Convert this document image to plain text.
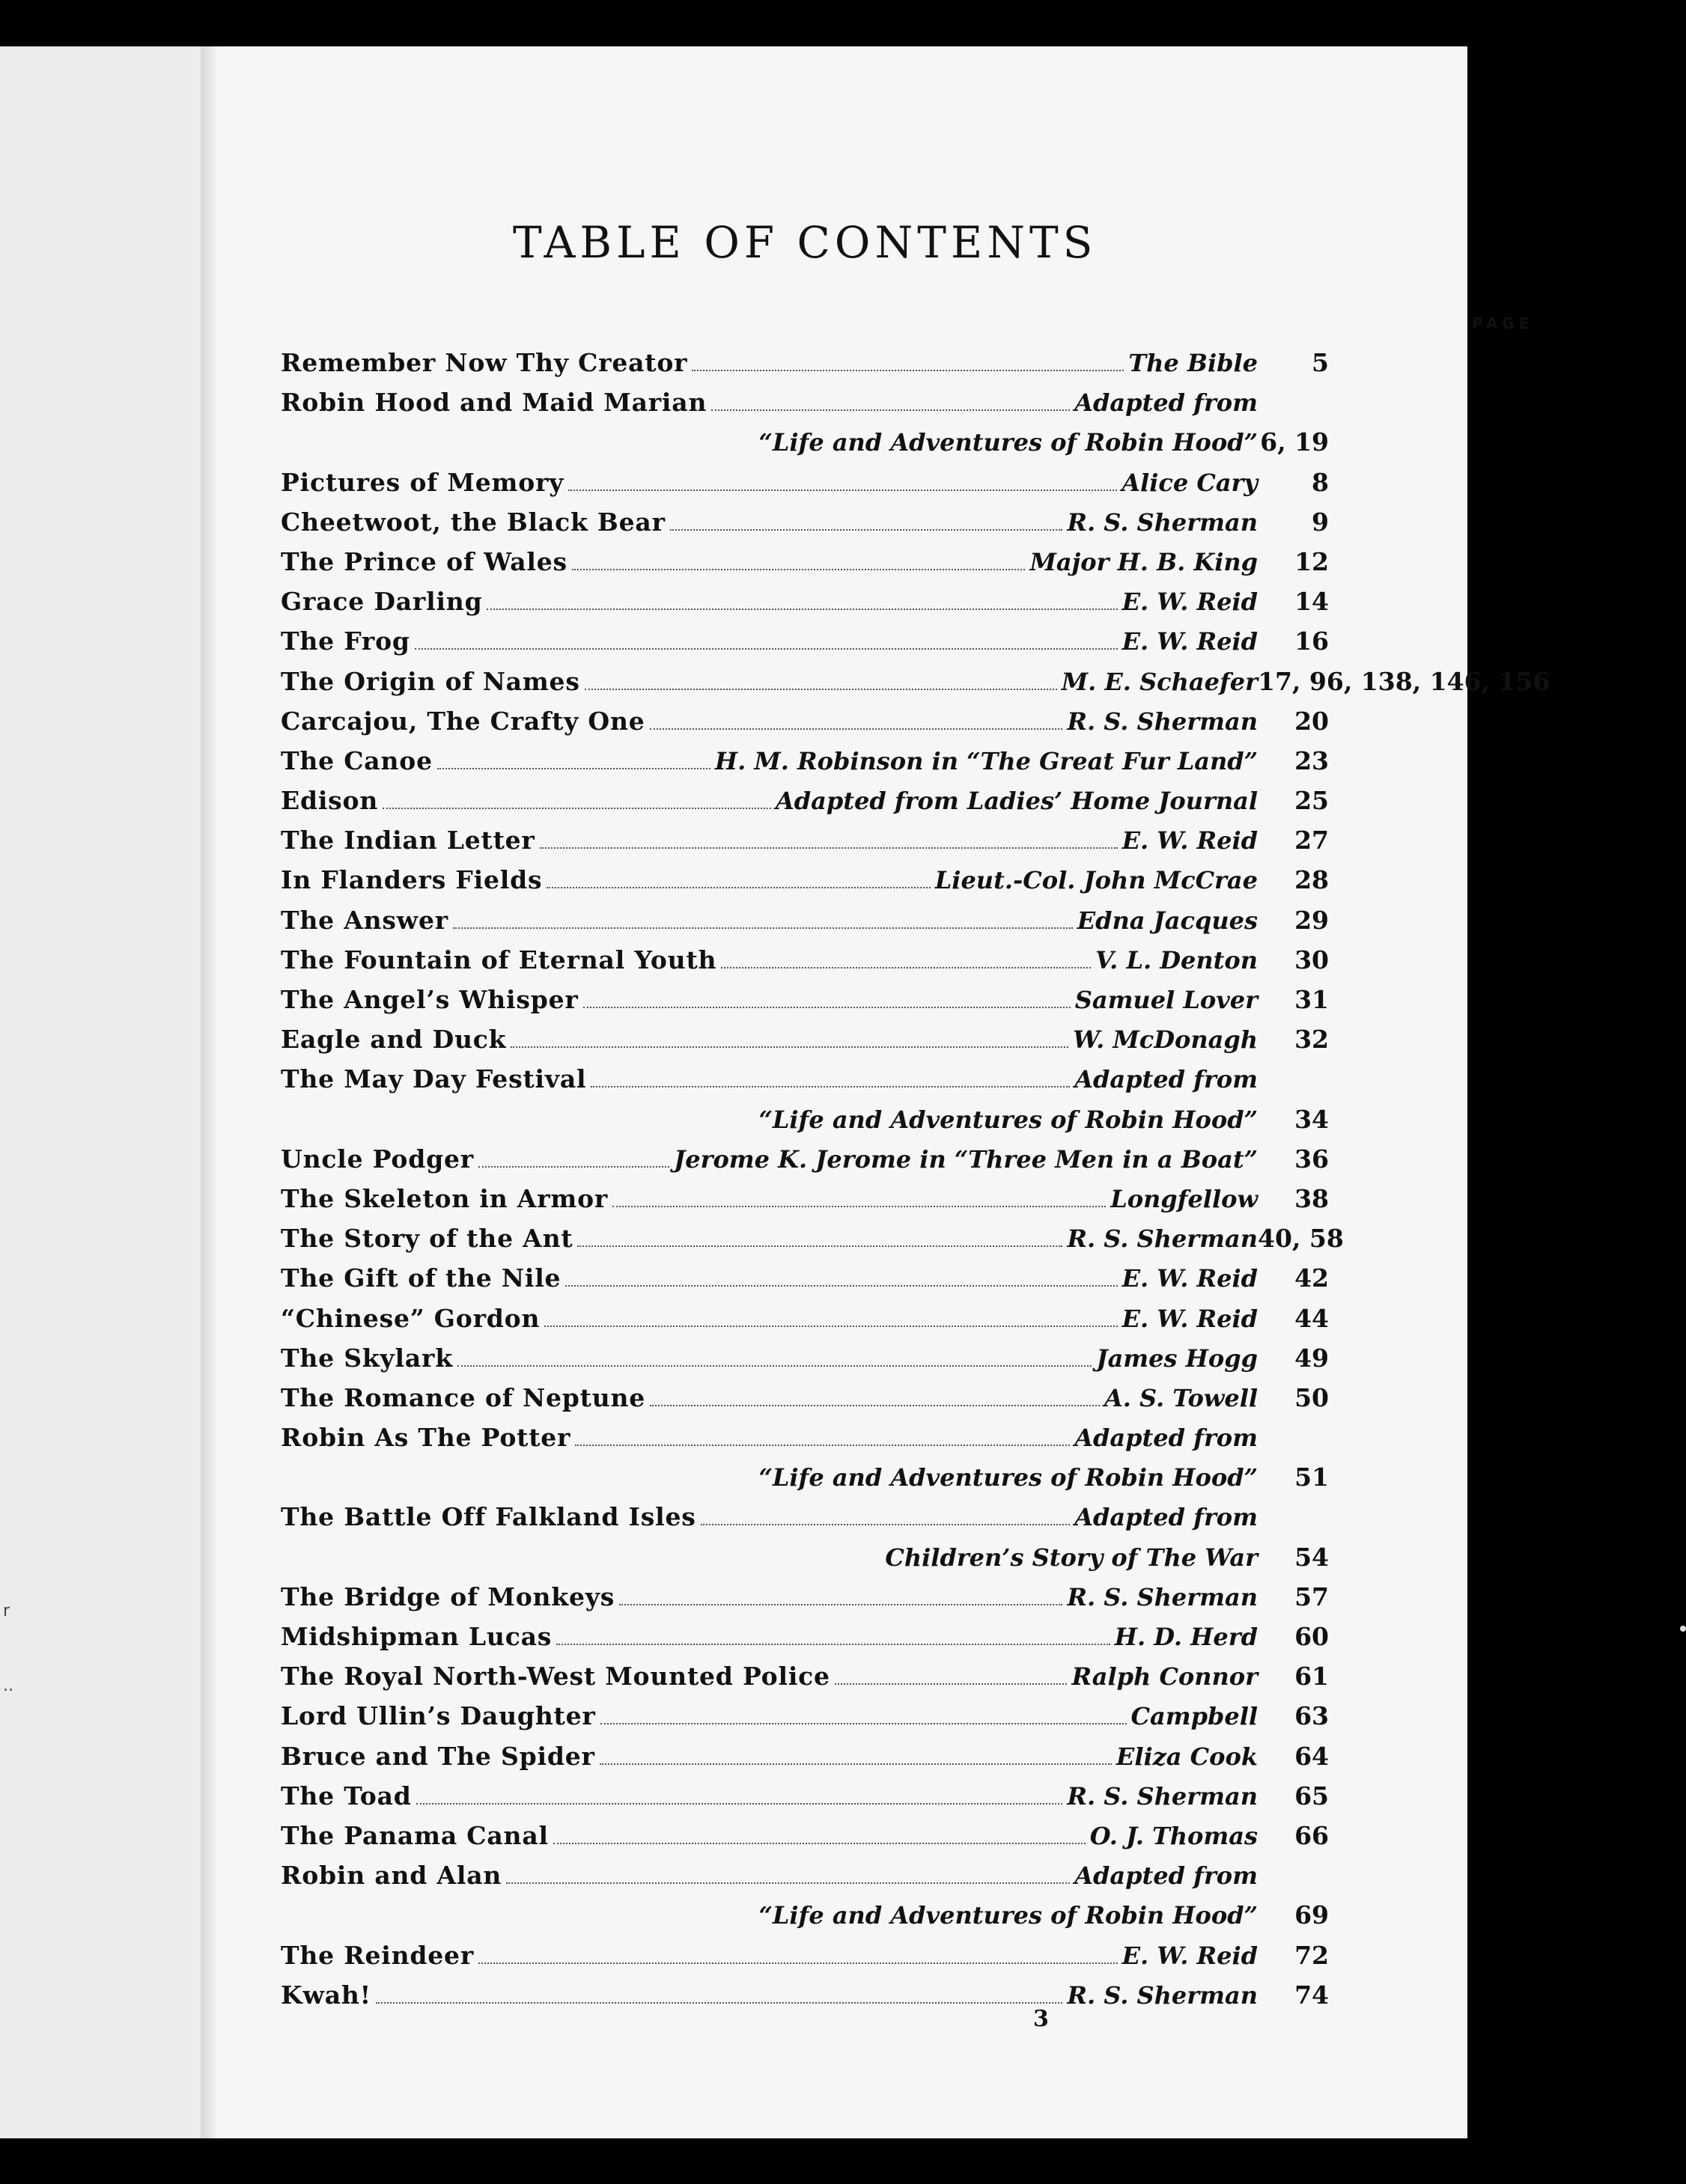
r
..
TABLE OF CONTENTS
PAGE
Remember Now Thy Creator	The Bible	5
Robin Hood and Maid Marian	Adapted from
“Life and Adventures of Robin Hood” 6, 19
Pictures of Memory	Alice Cary	8
Cheetwoot, the Black Bear	R. S. Sherman	9
The Prince of Wales	Major H. B. King	12
Grace Darling	E. W. Reid	14
The Frog	E. W. Reid	16
The Origin of Names	M. E. Schaefer 17, 96, 138, 146, 156
Carcajou, The Crafty One	R. S. Sherman	20
The Canoe	H. M. Robinson in “The Great Fur Land”	23
Edison	Adapted from Ladies’ Home Journal	25
The Indian Letter	E. W. Reid	27
In Flanders Fields	Lieut.-Col. John McCrae	28
The Answer	Edna Jacques	29
The Fountain of Eternal Youth	V. L. Denton	30
The Angel’s Whisper	Samuel Lover	31
Eagle and Duck	W. McDonagh	32
The May Day Festival	Adapted from
“Life and Adventures of Robin Hood”	34
Uncle Podger	Jerome K. Jerome in “Three Men in a Boat”	36
The Skeleton in Armor	Longfellow	38
The Story of the Ant	R. S. Sherman 40, 58
The Gift of the Nile	E. W. Reid	42
“Chinese” Gordon	E. W. Reid	44
The Skylark	James Hogg	49
The Romance of Neptune	A. S. Towell	50
Robin As The Potter	Adapted from
“Life and Adventures of Robin Hood”	51
The Battle Off Falkland Isles	Adapted from
Children’s Story of The War	54
The Bridge of Monkeys	R. S. Sherman	57
Midshipman Lucas	H. D. Herd	60
The Royal North-West Mounted Police	Ralph Connor	61
Lord Ullin’s Daughter	Campbell	63
Bruce and The Spider	Eliza Cook	64
The Toad	R. S. Sherman	65
The Panama Canal	O. J. Thomas	66
Robin and Alan	Adapted from
“Life and Adventures of Robin Hood”	69
The Reindeer	E. W. Reid	72
Kwah!	R. S. Sherman	74
3
